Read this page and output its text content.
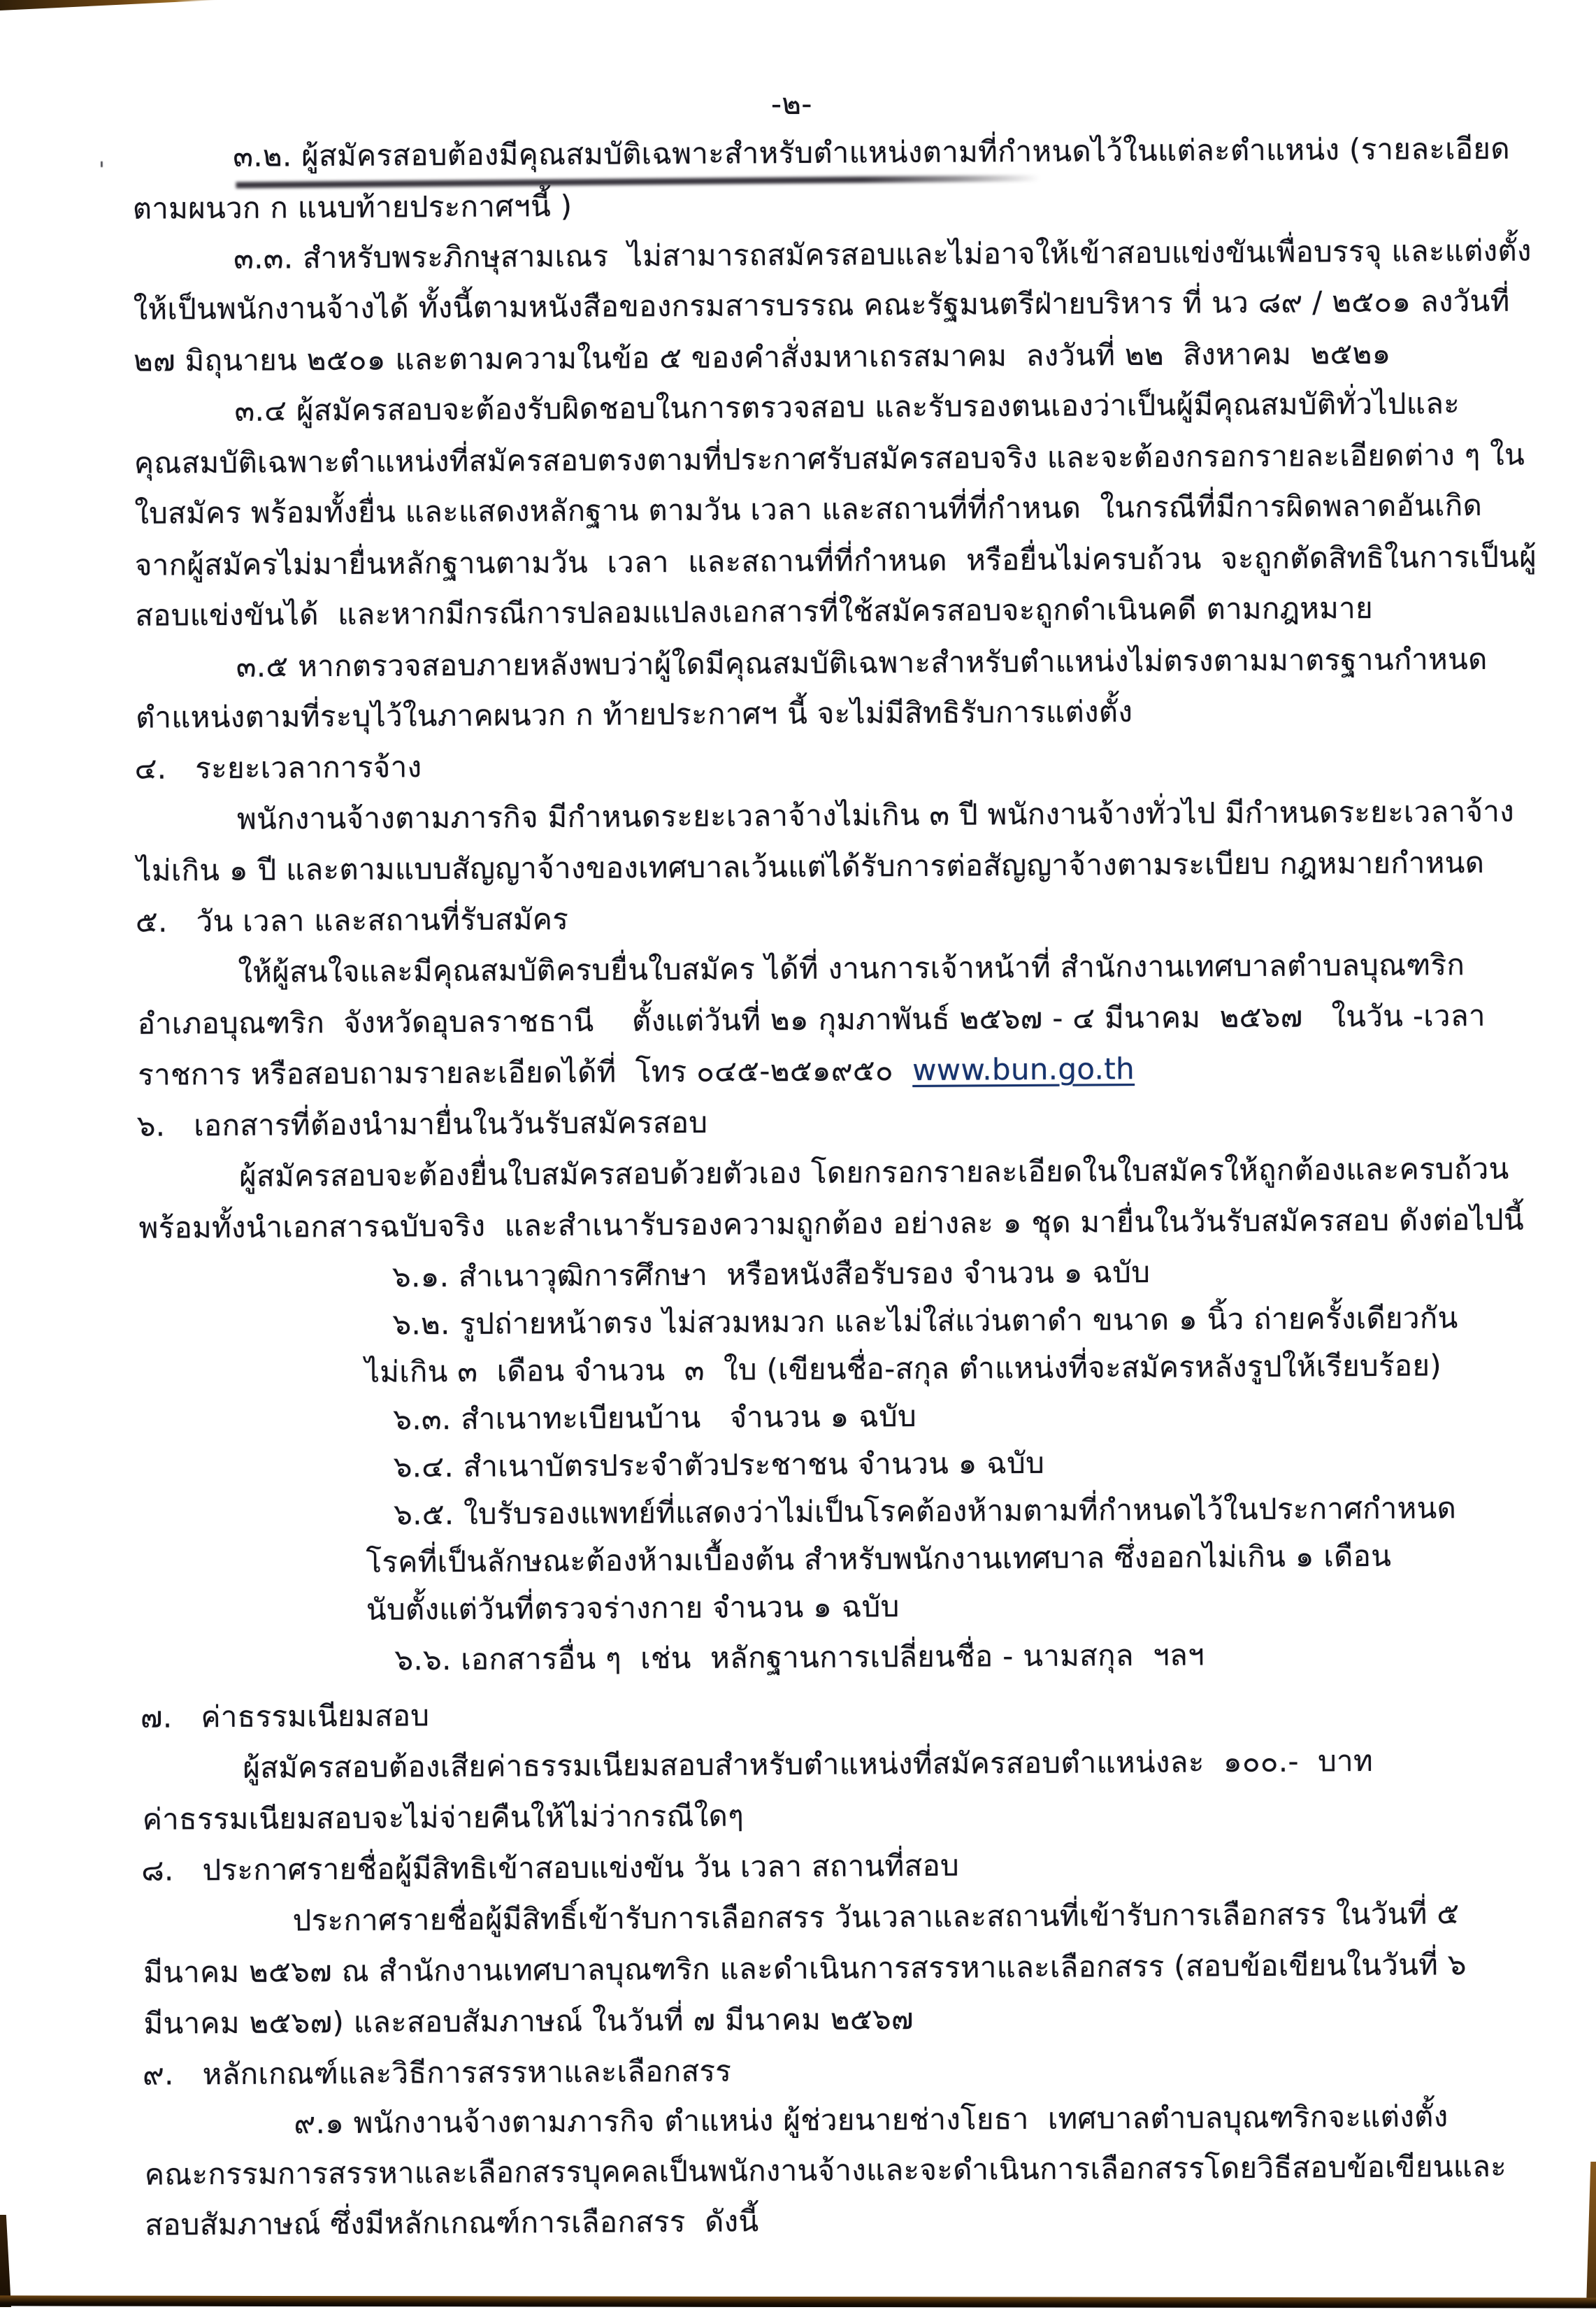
-๒-
๓.๒. ผู้สมัครสอบต้องมีคุณสมบัติเฉพาะสำหรับตำแหน่งตามที่กำหนดไว้ในแต่ละตำแหน่ง (รายละเอียด
ตามผนวก ก แนบท้ายประกาศฯนี้ )
๓.๓. สำหรับพระภิกษุสามเณร  ไม่สามารถสมัครสอบและไม่อาจให้เข้าสอบแข่งขันเพื่อบรรจุ และแต่งตั้ง
ให้เป็นพนักงานจ้างได้ ทั้งนี้ตามหนังสือของกรมสารบรรณ คณะรัฐมนตรีฝ่ายบริหาร ที่ นว ๘๙ / ๒๕๐๑ ลงวันที่
๒๗ มิถุนายน ๒๕๐๑ และตามความในข้อ ๕ ของคำสั่งมหาเถรสมาคม  ลงวันที่ ๒๒  สิงหาคม  ๒๕๒๑
๓.๔ ผู้สมัครสอบจะต้องรับผิดชอบในการตรวจสอบ และรับรองตนเองว่าเป็นผู้มีคุณสมบัติทั่วไปและ
คุณสมบัติเฉพาะตำแหน่งที่สมัครสอบตรงตามที่ประกาศรับสมัครสอบจริง และจะต้องกรอกรายละเอียดต่าง ๆ ใน
ใบสมัคร พร้อมทั้งยื่น และแสดงหลักฐาน ตามวัน เวลา และสถานที่ที่กำหนด  ในกรณีที่มีการผิดพลาดอันเกิด
จากผู้สมัครไม่มายื่นหลักฐานตามวัน  เวลา  และสถานที่ที่กำหนด  หรือยื่นไม่ครบถ้วน  จะถูกตัดสิทธิในการเป็นผู้
สอบแข่งขันได้  และหากมีกรณีการปลอมแปลงเอกสารที่ใช้สมัครสอบจะถูกดำเนินคดี ตามกฎหมาย
๓.๕ หากตรวจสอบภายหลังพบว่าผู้ใดมีคุณสมบัติเฉพาะสำหรับตำแหน่งไม่ตรงตามมาตรฐานกำหนด
ตำแหน่งตามที่ระบุไว้ในภาคผนวก ก ท้ายประกาศฯ นี้ จะไม่มีสิทธิรับการแต่งตั้ง
๔.   ระยะเวลาการจ้าง
พนักงานจ้างตามภารกิจ มีกำหนดระยะเวลาจ้างไม่เกิน ๓ ปี พนักงานจ้างทั่วไป มีกำหนดระยะเวลาจ้าง
ไม่เกิน ๑ ปี และตามแบบสัญญาจ้างของเทศบาลเว้นแต่ได้รับการต่อสัญญาจ้างตามระเบียบ กฎหมายกำหนด
๕.   วัน เวลา และสถานที่รับสมัคร
ให้ผู้สนใจและมีคุณสมบัติครบยื่นใบสมัคร ได้ที่ งานการเจ้าหน้าที่ สำนักงานเทศบาลตำบลบุณฑริก
อำเภอบุณฑริก  จังหวัดอุบลราชธานี    ตั้งแต่วันที่ ๒๑ กุมภาพันธ์ ๒๕๖๗ - ๔ มีนาคม  ๒๕๖๗   ในวัน -เวลา
ราชการ หรือสอบถามรายละเอียดได้ที่  โทร ๐๔๕-๒๕๑๙๕๐  www.bun.go.th
๖.   เอกสารที่ต้องนำมายื่นในวันรับสมัครสอบ
ผู้สมัครสอบจะต้องยื่นใบสมัครสอบด้วยตัวเอง โดยกรอกรายละเอียดในใบสมัครให้ถูกต้องและครบถ้วน
พร้อมทั้งนำเอกสารฉบับจริง  และสำเนารับรองความถูกต้อง อย่างละ ๑ ชุด มายื่นในวันรับสมัครสอบ ดังต่อไปนี้
๖.๑. สำเนาวุฒิการศึกษา  หรือหนังสือรับรอง จำนวน ๑ ฉบับ
๖.๒. รูปถ่ายหน้าตรง ไม่สวมหมวก และไม่ใส่แว่นตาดำ ขนาด ๑ นิ้ว ถ่ายครั้งเดียวกัน
ไม่เกิน ๓  เดือน จำนวน  ๓  ใบ (เขียนชื่อ-สกุล ตำแหน่งที่จะสมัครหลังรูปให้เรียบร้อย)
๖.๓. สำเนาทะเบียนบ้าน   จำนวน ๑ ฉบับ
๖.๔. สำเนาบัตรประจำตัวประชาชน จำนวน ๑ ฉบับ
๖.๕. ใบรับรองแพทย์ที่แสดงว่าไม่เป็นโรคต้องห้ามตามที่กำหนดไว้ในประกาศกำหนด
โรคที่เป็นลักษณะต้องห้ามเบื้องต้น สำหรับพนักงานเทศบาล ซึ่งออกไม่เกิน ๑ เดือน
นับตั้งแต่วันที่ตรวจร่างกาย จำนวน ๑ ฉบับ
๖.๖. เอกสารอื่น ๆ  เช่น  หลักฐานการเปลี่ยนชื่อ - นามสกุล  ฯลฯ
๗.   ค่าธรรมเนียมสอบ
ผู้สมัครสอบต้องเสียค่าธรรมเนียมสอบสำหรับตำแหน่งที่สมัครสอบตำแหน่งละ  ๑๐๐.-  บาท
ค่าธรรมเนียมสอบจะไม่จ่ายคืนให้ไม่ว่ากรณีใดๆ
๘.   ประกาศรายชื่อผู้มีสิทธิเข้าสอบแข่งขัน วัน เวลา สถานที่สอบ
ประกาศรายชื่อผู้มีสิทธิ์เข้ารับการเลือกสรร วันเวลาและสถานที่เข้ารับการเลือกสรร ในวันที่ ๕
มีนาคม ๒๕๖๗ ณ สำนักงานเทศบาลบุณฑริก และดำเนินการสรรหาและเลือกสรร (สอบข้อเขียนในวันที่ ๖
มีนาคม ๒๕๖๗) และสอบสัมภาษณ์ ในวันที่ ๗ มีนาคม ๒๕๖๗
๙.   หลักเกณฑ์และวิธีการสรรหาและเลือกสรร
๙.๑ พนักงานจ้างตามภารกิจ ตำแหน่ง ผู้ช่วยนายช่างโยธา  เทศบาลตำบลบุณฑริกจะแต่งตั้ง
คณะกรรมการสรรหาและเลือกสรรบุคคลเป็นพนักงานจ้างและจะดำเนินการเลือกสรรโดยวิธีสอบข้อเขียนและ
สอบสัมภาษณ์ ซึ่งมีหลักเกณฑ์การเลือกสรร  ดังนี้
'
